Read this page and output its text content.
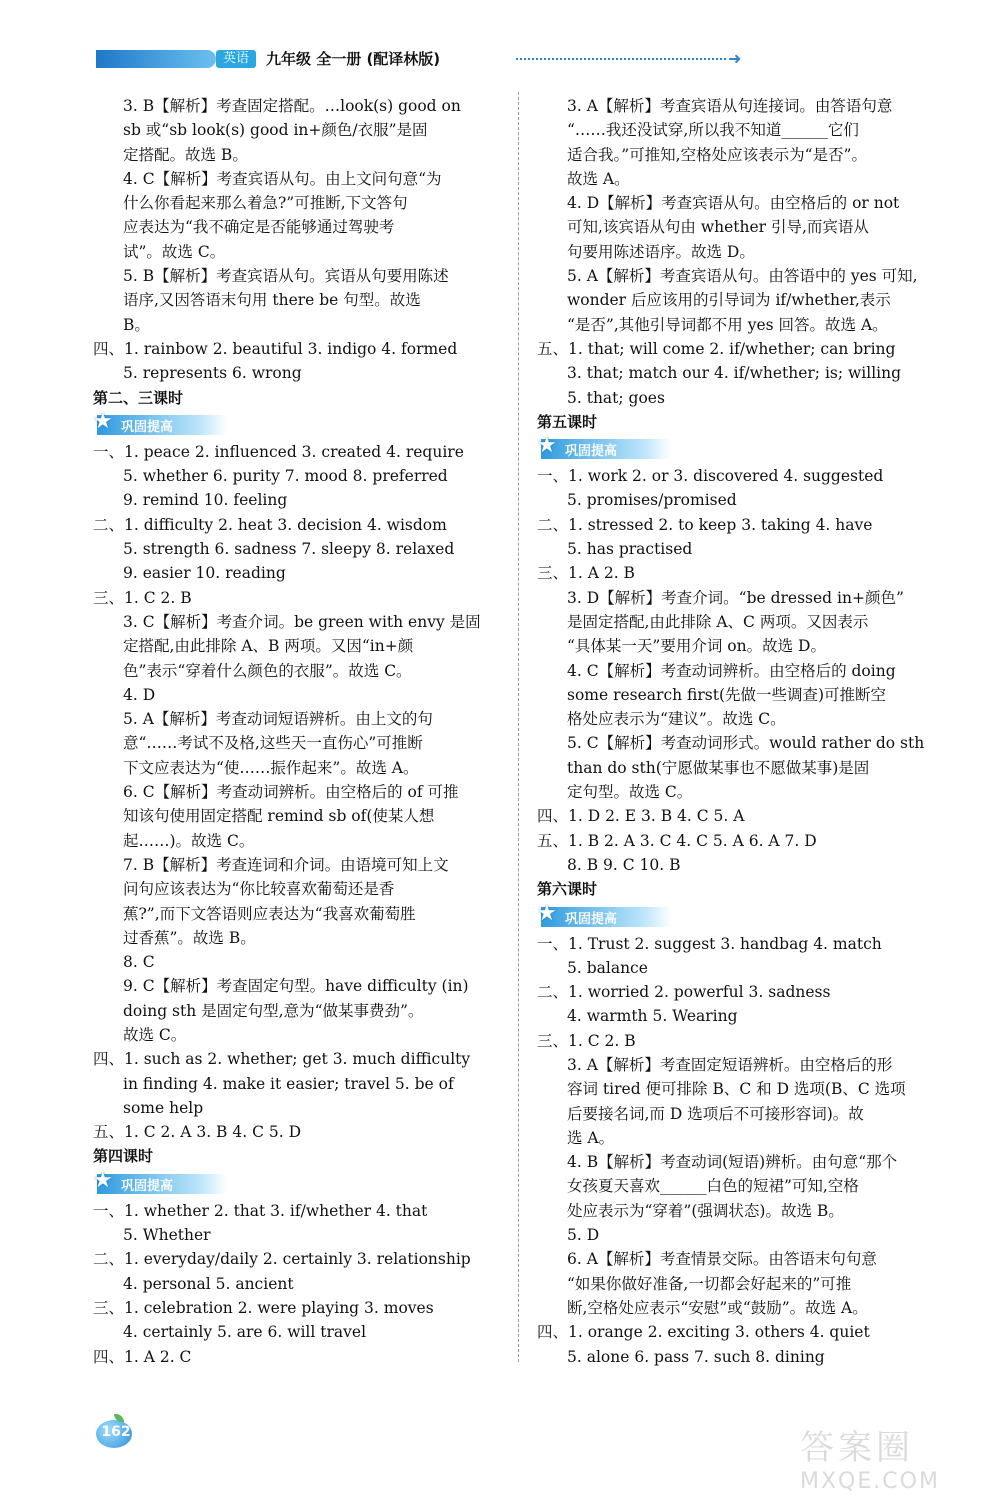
英语	九年级 全一册 (配译林版)	➜
3. B【解析】考查固定搭配。…look(s) good on
sb 或“sb look(s) good in+颜色/衣服”是固
定搭配。故选 B。
4. C【解析】考查宾语从句。由上文问句意“为
什么你看起来那么着急?”可推断,下文答句
应表达为“我不确定是否能够通过驾驶考
试”。故选 C。
5. B【解析】考查宾语从句。宾语从句要用陈述
语序,又因答语末句用 there be 句型。故选
B。
四、1. rainbow 2. beautiful 3. indigo 4. formed
5. represents 6. wrong
第二、三课时
★ 巩固提高
一、1. peace 2. influenced 3. created 4. require
5. whether 6. purity 7. mood 8. preferred
9. remind 10. feeling
二、1. difficulty 2. heat 3. decision 4. wisdom
5. strength 6. sadness 7. sleepy 8. relaxed
9. easier 10. reading
三、1. C 2. B
3. C【解析】考查介词。be green with envy 是固
定搭配,由此排除 A、B 两项。又因“in+颜
色”表示“穿着什么颜色的衣服”。故选 C。
4. D
5. A【解析】考查动词短语辨析。由上文的句
意“……考试不及格,这些天一直伤心”可推断
下文应表达为“使……振作起来”。故选 A。
6. C【解析】考查动词辨析。由空格后的 of 可推
知该句使用固定搭配 remind sb of(使某人想
起……)。故选 C。
7. B【解析】考查连词和介词。由语境可知上文
问句应该表达为“你比较喜欢葡萄还是香
蕉?”,而下文答语则应表达为“我喜欢葡萄胜
过香蕉”。故选 B。
8. C
9. C【解析】考查固定句型。have difficulty (in)
doing sth 是固定句型,意为“做某事费劲”。
故选 C。
四、1. such as 2. whether; get 3. much difficulty
in finding 4. make it easier; travel 5. be of
some help
五、1. C 2. A 3. B 4. C 5. D
第四课时
★ 巩固提高
一、1. whether 2. that 3. if/whether 4. that
5. Whether
二、1. everyday/daily 2. certainly 3. relationship
4. personal 5. ancient
三、1. celebration 2. were playing 3. moves
4. certainly 5. are 6. will travel
四、1. A 2. C
3. A【解析】考查宾语从句连接词。由答语句意
“……我还没试穿,所以我不知道______它们
适合我。”可推知,空格处应该表示为“是否”。
故选 A。
4. D【解析】考查宾语从句。由空格后的 or not
可知,该宾语从句由 whether 引导,而宾语从
句要用陈述语序。故选 D。
5. A【解析】考查宾语从句。由答语中的 yes 可知,
wonder 后应该用的引导词为 if/whether,表示
“是否”,其他引导词都不用 yes 回答。故选 A。
五、1. that; will come 2. if/whether; can bring
3. that; match our 4. if/whether; is; willing
5. that; goes
第五课时
★ 巩固提高
一、1. work 2. or 3. discovered 4. suggested
5. promises/promised
二、1. stressed 2. to keep 3. taking 4. have
5. has practised
三、1. A 2. B
3. D【解析】考查介词。“be dressed in+颜色”
是固定搭配,由此排除 A、C 两项。又因表示
“具体某一天”要用介词 on。故选 D。
4. C【解析】考查动词辨析。由空格后的 doing
some research first(先做一些调查)可推断空
格处应表示为“建议”。故选 C。
5. C【解析】考查动词形式。would rather do sth
than do sth(宁愿做某事也不愿做某事)是固
定句型。故选 C。
四、1. D 2. E 3. B 4. C 5. A
五、1. B 2. A 3. C 4. C 5. A 6. A 7. D
8. B 9. C 10. B
第六课时
★ 巩固提高
一、1. Trust 2. suggest 3. handbag 4. match
5. balance
二、1. worried 2. powerful 3. sadness
4. warmth 5. Wearing
三、1. C 2. B
3. A【解析】考查固定短语辨析。由空格后的形
容词 tired 便可排除 B、C 和 D 选项(B、C 选项
后要接名词,而 D 选项后不可接形容词)。故
选 A。
4. B【解析】考查动词(短语)辨析。由句意“那个
女孩夏天喜欢______白色的短裙”可知,空格
处应表示为“穿着”(强调状态)。故选 B。
5. D
6. A【解析】考查情景交际。由答语末句句意
“如果你做好准备,一切都会好起来的”可推
断,空格处应表示“安慰”或“鼓励”。故选 A。
四、1. orange 2. exciting 3. others 4. quiet
5. alone 6. pass 7. such 8. dining
162	答案圈
MXQE.COM
